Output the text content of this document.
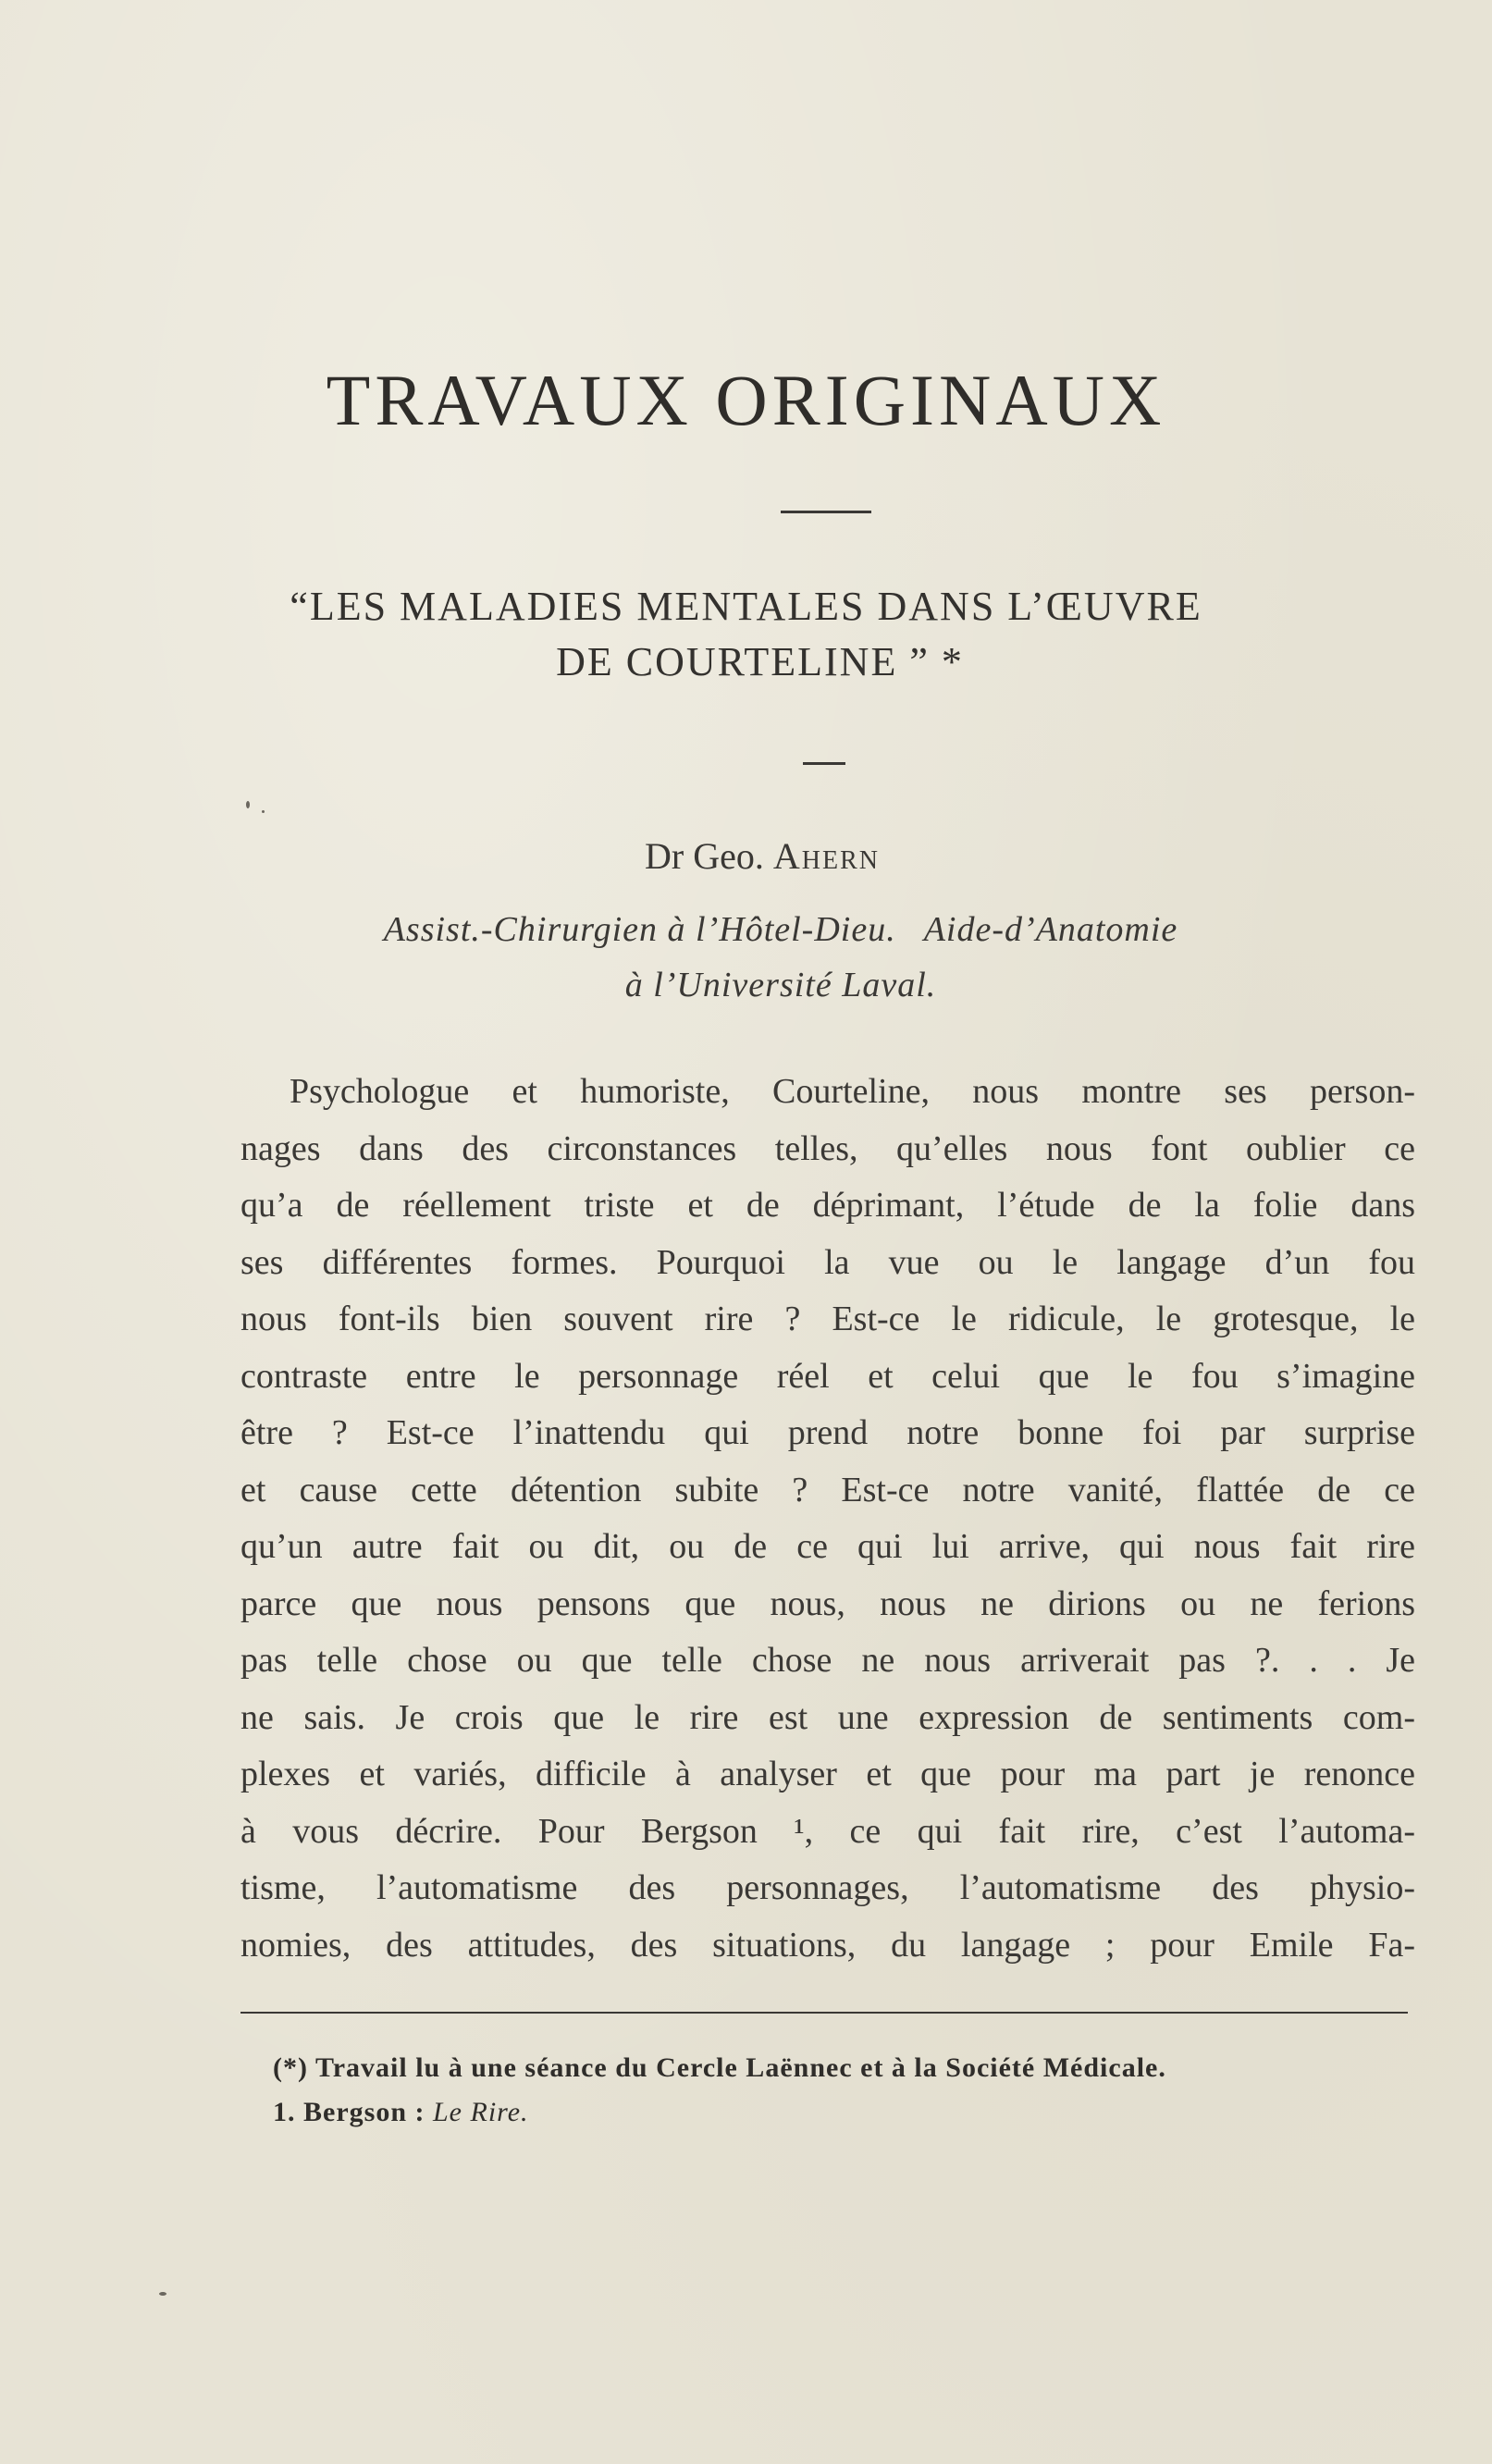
TRAVAUX ORIGINAUX
“LES MALADIES MENTALES DANS L’ŒUVRE
DE COURTELINE ” *
Dr Geo. Ahern
Assist.-Chirurgien à l’Hôtel-Dieu. Aide-d’Anatomie
à l’Université Laval.
Psychologue et humoriste, Courteline, nous montre ses person-
nages dans des circonstances telles, qu’elles nous font oublier ce
qu’a de réellement triste et de déprimant, l’étude de la folie dans
ses différentes formes. Pourquoi la vue ou le langage d’un fou
nous font-ils bien souvent rire ? Est-ce le ridicule, le grotesque, le
contraste entre le personnage réel et celui que le fou s’imagine
être ? Est-ce l’inattendu qui prend notre bonne foi par surprise
et cause cette détention subite ? Est-ce notre vanité, flattée de ce
qu’un autre fait ou dit, ou de ce qui lui arrive, qui nous fait rire
parce que nous pensons que nous, nous ne dirions ou ne ferions
pas telle chose ou que telle chose ne nous arriverait pas ?. . . Je
ne sais. Je crois que le rire est une expression de sentiments com-
plexes et variés, difficile à analyser et que pour ma part je renonce
à vous décrire. Pour Bergson ¹, ce qui fait rire, c’est l’automa-
tisme, l’automatisme des personnages, l’automatisme des physio-
nomies, des attitudes, des situations, du langage ; pour Emile Fa-
(*) Travail lu à une séance du Cercle Laënnec et à la Société Médicale.
1. Bergson : Le Rire.
